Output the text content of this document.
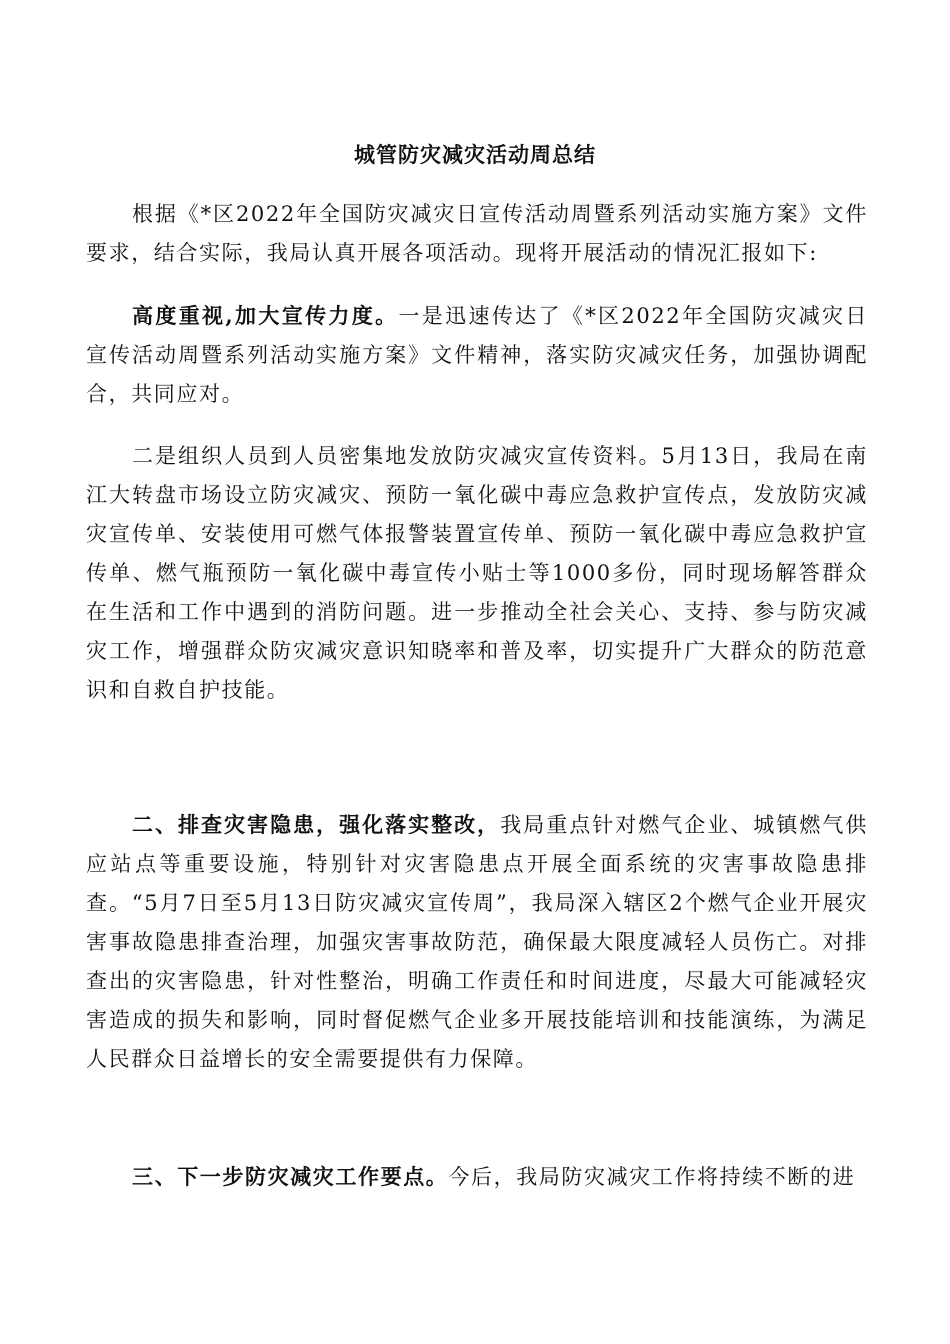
城管防灾减灾活动周总结

根据《*区2022年全国防灾减灾日宣传活动周暨系列活动实施方案》文件要求，结合实际，我局认真开展各项活动。现将开展活动的情况汇报如下:

高度重视,加大宣传力度。一是迅速传达了《*区2022年全国防灾减灾日宣传活动周暨系列活动实施方案》文件精神，落实防灾减灾任务，加强协调配合，共同应对。

二是组织人员到人员密集地发放防灾减灾宣传资料。5月13日，我局在南江大转盘市场设立防灾减灾、预防一氧化碳中毒应急救护宣传点，发放防灾减灾宣传单、安装使用可燃气体报警装置宣传单、预防一氧化碳中毒应急救护宣传单、燃气瓶预防一氧化碳中毒宣传小贴士等1000多份，同时现场解答群众在生活和工作中遇到的消防问题。进一步推动全社会关心、支持、参与防灾减灾工作，增强群众防灾减灾意识知晓率和普及率，切实提升广大群众的防范意识和自救自护技能。

二、排查灾害隐患，强化落实整改，我局重点针对燃气企业、城镇燃气供应站点等重要设施，特别针对灾害隐患点开展全面系统的灾害事故隐患排查。“5月7日至5月13日防灾减灾宣传周”，我局深入辖区2个燃气企业开展灾害事故隐患排查治理，加强灾害事故防范，确保最大限度减轻人员伤亡。对排查出的灾害隐患，针对性整治，明确工作责任和时间进度，尽最大可能减轻灾害造成的损失和影响，同时督促燃气企业多开展技能培训和技能演练，为满足人民群众日益增长的安全需要提供有力保障。

三、下一步防灾减灾工作要点。今后，我局防灾减灾工作将持续不断的进
